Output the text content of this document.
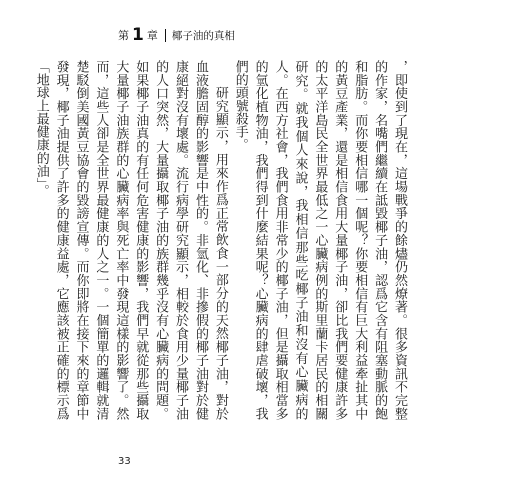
第 1 章 椰子油的真相

，即使到了現在，這場戰爭的餘燼仍然燎著。很多資訊不完整的作家，名嘴們繼續在詆毀椰子油，認爲它含有阻塞動脈的飽和脂肪。而你要相信哪一個呢？你要相信有巨大利益牽扯其中的黃豆產業，還是相信食用大量椰子油，卻比我們要健康許多的太平洋島民全世界最低之一心臟病例的斯里蘭卡居民的相關研究。就我個人來說，我相信那些吃椰子油和沒有心臟病的人。在西方社會，我們食用非常少的椰子油，但是攝取相當多的氫化植物油，我們得到什麼結果呢？心臟病的肆虐破壞，我們的頭號殺手。

研究顯示，用來作爲正常飲食一部分的天然椰子油，對於血液膽固醇的影響是中性的。非氫化、非摻假的椰子油對於健康絕對沒有壞處。流行病學研究顯示，相較於食用少量椰子油的人口突然，大量攝取椰子油的族群幾乎沒有心臟病的問題。如果椰子油真的有任何危害健康的影響，我們早就從那些攝取大量椰子油族群的心臟病率與死亡率中發現這樣的影響了。然而，這些人卻是全世界最健康的人之一。一個簡單的邏輯就清楚駁倒美國黃豆協會的毀謗宣傳。而你即將在接下來的章節中發現，椰子油提供了許多的健康益處，它應該被正確的標示爲「地球上最健康的油」。

33
